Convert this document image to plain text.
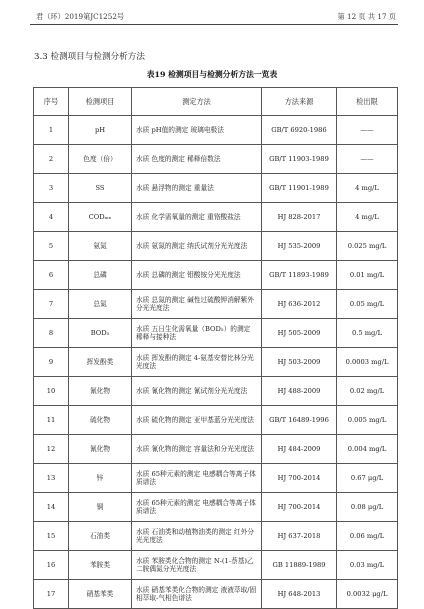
君（环）2019第JC1252号	第 12 页 共 17 页
3.3 检测项目与检测分析方法
表19 检测项目与检测分析方法一览表
序号	检测项目	测定方法	方法来源	检出限
1	pH	水质 pH值的测定 玻璃电极法	GB/T 6920-1986	——
2	色度（倍）	水质 色度的测定 稀释倍数法	GB/T 11903-1989	——
3	SS	水质 悬浮物的测定 重量法	GB/T 11901-1989	4 mg/L
4	CODₘₑ	水质 化学需氧量的测定 重铬酸盐法	HJ 828-2017	4 mg/L
5	氨氮	水质 氨氮的测定 纳氏试剂分光光度法	HJ 535-2009	0.025 mg/L
6	总磷	水质 总磷的测定 钼酸铵分光光度法	GB/T 11893-1989	0.01 mg/L
7	总氮	水质 总氮的测定 碱性过硫酸钾消解紫外分光光度法	HJ 636-2012	0.05 mg/L
8	BOD₅	水质 五日生化需氧量（BOD₅）的测定 稀释与接种法	HJ 505-2009	0.5 mg/L
9	挥发酚类	水质 挥发酚的测定 4-氨基安替比林分光光度法	HJ 503-2009	0.0003 mg/L
10	氰化物	水质 氰化物的测定 氰试剂分光光度法	HJ 488-2009	0.02 mg/L
11	硫化物	水质 硫化物的测定 亚甲基蓝分光光度法	GB/T 16489-1996	0.005 mg/L
12	氰化物	水质 氰化物的测定 容量法和分光光度法	HJ 484-2009	0.004 mg/L
13	锌	水质 65种元素的测定 电感耦合等离子体质谱法	HJ 700-2014	0.67 μg/L
14	铜	水质 65种元素的测定 电感耦合等离子体质谱法	HJ 700-2014	0.08 μg/L
15	石油类	水质 石油类和动植物油类的测定 红外分光光度法	HJ 637-2018	0.06 mg/L
16	苯胺类	水质 苯胺类化合物的测定 N-(1-萘基)乙二胺偶氮分光光度法	GB 11889-1989	0.03 mg/L
17	硝基苯类	水质 硝基苯类化合物的测定 液液萃取/固相萃取-气相色谱法	HJ 648-2013	0.0032 μg/L
